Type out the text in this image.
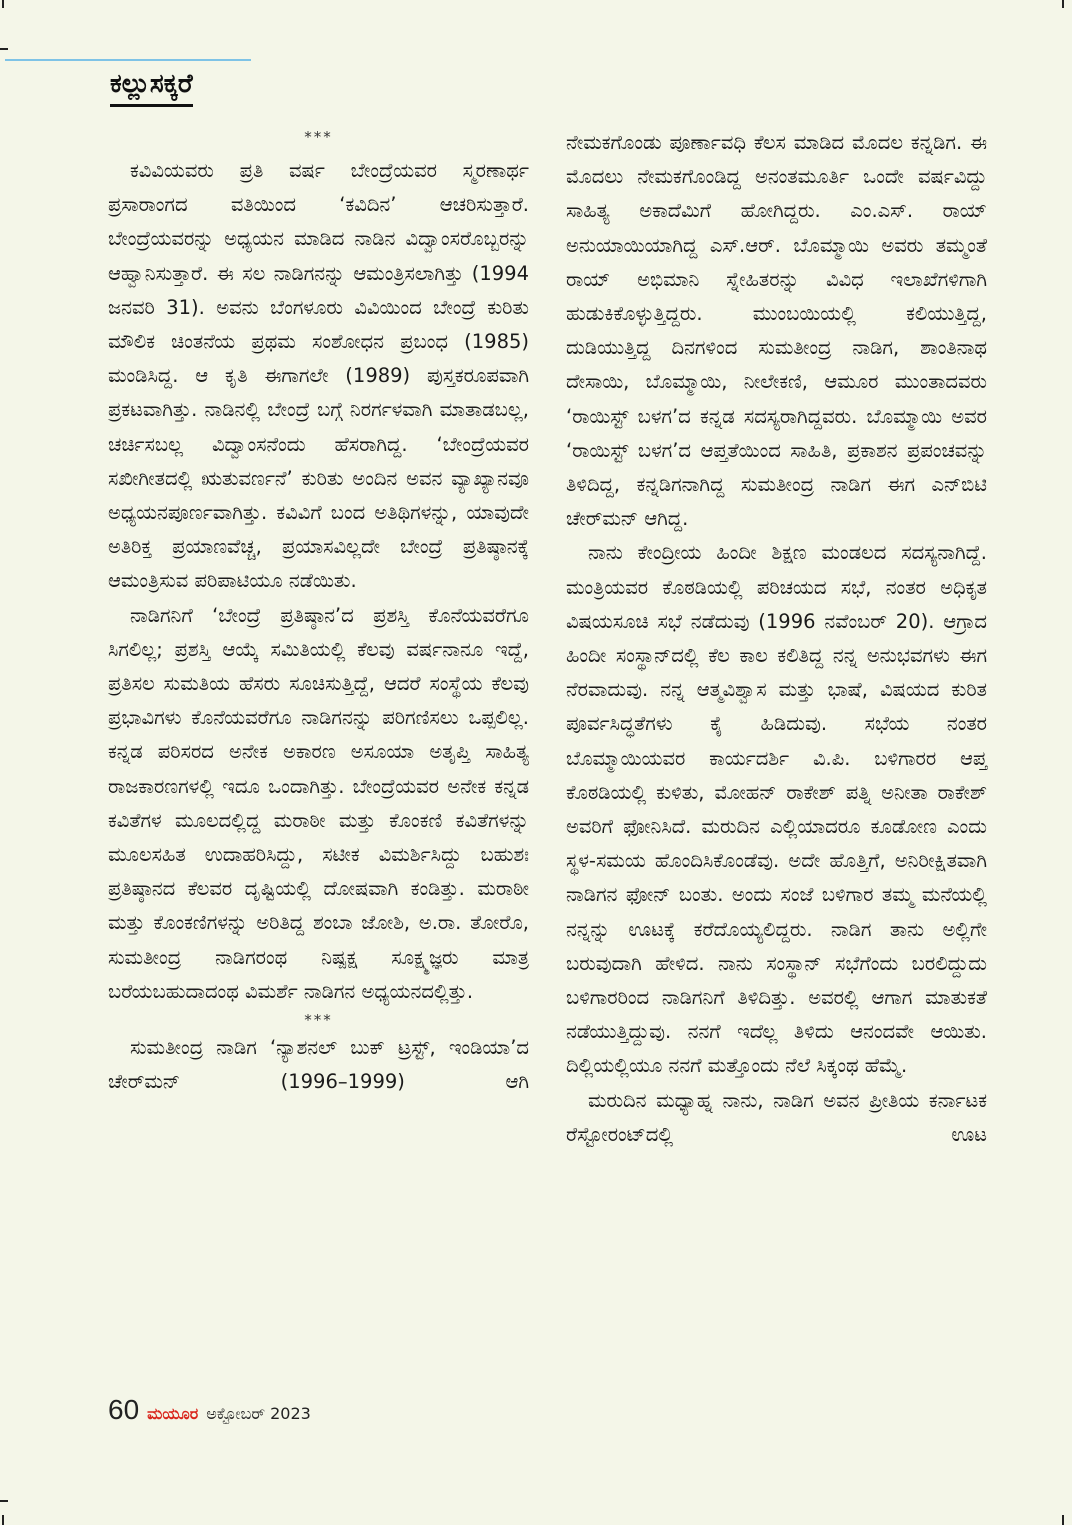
ಕಲ್ಲುಸಕ್ಕರೆ
***

ಕವಿವಿಯವರು ಪ್ರತಿ ವರ್ಷ ಬೇಂದ್ರೆಯವರ ಸ್ಮರಣಾರ್ಥ ಪ್ರಸಾರಾಂಗದ ವತಿಯಿಂದ ‘ಕವಿದಿನ’ ಆಚರಿಸುತ್ತಾರೆ. ಬೇಂದ್ರೆಯವರನ್ನು ಅಧ್ಯಯನ ಮಾಡಿದ ನಾಡಿನ ವಿದ್ವಾಂಸರೊಬ್ಬರನ್ನು ಆಹ್ವಾನಿಸುತ್ತಾರೆ. ಈ ಸಲ ನಾಡಿಗನನ್ನು ಆಮಂತ್ರಿಸಲಾಗಿತ್ತು (1994 ಜನವರಿ 31). ಅವನು ಬೆಂಗಳೂರು ವಿವಿಯಿಂದ ಬೇಂದ್ರೆ ಕುರಿತು ಮೌಲಿಕ ಚಿಂತನೆಯ ಪ್ರಥಮ ಸಂಶೋಧನ ಪ್ರಬಂಧ (1985) ಮಂಡಿಸಿದ್ದ. ಆ ಕೃತಿ ಈಗಾಗಲೇ (1989) ಪುಸ್ತಕರೂಪವಾಗಿ ಪ್ರಕಟವಾಗಿತ್ತು. ನಾಡಿನಲ್ಲಿ ಬೇಂದ್ರೆ ಬಗ್ಗೆ ನಿರರ್ಗಳವಾಗಿ ಮಾತಾಡಬಲ್ಲ, ಚರ್ಚಿಸಬಲ್ಲ ವಿದ್ವಾಂಸನೆಂದು ಹೆಸರಾಗಿದ್ದ. ‘ಬೇಂದ್ರೆಯವರ ಸಖೀಗೀತದಲ್ಲಿ ಋತುವರ್ಣನೆ’ ಕುರಿತು ಅಂದಿನ ಅವನ ವ್ಯಾಖ್ಯಾನವೂ ಅಧ್ಯಯನಪೂರ್ಣವಾಗಿತ್ತು. ಕವಿವಿಗೆ ಬಂದ ಅತಿಥಿಗಳನ್ನು, ಯಾವುದೇ ಅತಿರಿಕ್ತ ಪ್ರಯಾಣವೆಚ್ಚ, ಪ್ರಯಾಸವಿಲ್ಲದೇ ಬೇಂದ್ರೆ ಪ್ರತಿಷ್ಠಾನಕ್ಕೆ ಆಮಂತ್ರಿಸುವ ಪರಿಪಾಟಿಯೂ ನಡೆಯಿತು.

ನಾಡಿಗನಿಗೆ ‘ಬೇಂದ್ರೆ ಪ್ರತಿಷ್ಠಾನ’ದ ಪ್ರಶಸ್ತಿ ಕೊನೆಯವರೆಗೂ ಸಿಗಲಿಲ್ಲ; ಪ್ರಶಸ್ತಿ ಆಯ್ಕೆ ಸಮಿತಿಯಲ್ಲಿ ಕೆಲವು ವರ್ಷನಾನೂ ಇದ್ದೆ, ಪ್ರತಿಸಲ ಸುಮತಿಯ ಹೆಸರು ಸೂಚಿಸುತ್ತಿದ್ದೆ, ಆದರೆ ಸಂಸ್ಥೆಯ ಕೆಲವು ಪ್ರಭಾವಿಗಳು ಕೊನೆಯವರೆಗೂ ನಾಡಿಗನನ್ನು ಪರಿಗಣಿಸಲು ಒಪ್ಪಲಿಲ್ಲ. ಕನ್ನಡ ಪರಿಸರದ ಅನೇಕ ಅಕಾರಣ ಅಸೂಯಾ ಅತೃಪ್ತಿ ಸಾಹಿತ್ಯ ರಾಜಕಾರಣಗಳಲ್ಲಿ ಇದೂ ಒಂದಾಗಿತ್ತು. ಬೇಂದ್ರೆಯವರ ಅನೇಕ ಕನ್ನಡ ಕವಿತೆಗಳ ಮೂಲದಲ್ಲಿದ್ದ ಮರಾಠೀ ಮತ್ತು ಕೊಂಕಣಿ ಕವಿತೆಗಳನ್ನು ಮೂಲಸಹಿತ ಉದಾಹರಿಸಿದ್ದು, ಸಟೀಕ ವಿಮರ್ಶಿಸಿದ್ದು ಬಹುಶಃ ಪ್ರತಿಷ್ಠಾನದ ಕೆಲವರ ದೃಷ್ಟಿಯಲ್ಲಿ ದೋಷವಾಗಿ ಕಂಡಿತ್ತು. ಮರಾಠೀ ಮತ್ತು ಕೊಂಕಣಿಗಳನ್ನು ಅರಿತಿದ್ದ ಶಂಬಾ ಜೋಶಿ, ಅ.ರಾ. ತೋರೊ, ಸುಮತೀಂದ್ರ ನಾಡಿಗರಂಥ ನಿಷ್ಪಕ್ಷ ಸೂಕ್ಷ್ಮಜ್ಞರು ಮಾತ್ರ ಬರೆಯಬಹುದಾದಂಥ ವಿಮರ್ಶೆ ನಾಡಿಗನ ಅಧ್ಯಯನದಲ್ಲಿತ್ತು.

***

ಸುಮತೀಂದ್ರ ನಾಡಿಗ ‘ನ್ಯಾಶನಲ್ ಬುಕ್ ಟ್ರಸ್ಟ್, ಇಂಡಿಯಾ’ದ ಚೇರ್‌ಮನ್ (1996–1999) ಆಗಿ

ನೇಮಕಗೊಂಡು ಪೂರ್ಣಾವಧಿ ಕೆಲಸ ಮಾಡಿದ ಮೊದಲ ಕನ್ನಡಿಗ. ಈ ಮೊದಲು ನೇಮಕಗೊಂಡಿದ್ದ ಅನಂತಮೂರ್ತಿ ಒಂದೇ ವರ್ಷವಿದ್ದು ಸಾಹಿತ್ಯ ಅಕಾದೆಮಿಗೆ ಹೋಗಿದ್ದರು. ಎಂ.ಎಸ್. ರಾಯ್ ಅನುಯಾಯಿಯಾಗಿದ್ದ ಎಸ್.ಆರ್. ಬೊಮ್ಮಾಯಿ ಅವರು ತಮ್ಮಂತೆ ರಾಯ್ ಅಭಿಮಾನಿ ಸ್ನೇಹಿತರನ್ನು ವಿವಿಧ ಇಲಾಖೆಗಳಿಗಾಗಿ ಹುಡುಕಿಕೊಳ್ಳುತ್ತಿದ್ದರು. ಮುಂಬಯಿಯಲ್ಲಿ ಕಲಿಯುತ್ತಿದ್ದ, ದುಡಿಯುತ್ತಿದ್ದ ದಿನಗಳಿಂದ ಸುಮತೀಂದ್ರ ನಾಡಿಗ, ಶಾಂತಿನಾಥ ದೇಸಾಯಿ, ಬೊಮ್ಮಾಯಿ, ನೀಲೇಕಣಿ, ಆಮೂರ ಮುಂತಾದವರು ‘ರಾಯಿಸ್ಟ್ ಬಳಗ’ದ ಕನ್ನಡ ಸದಸ್ಯರಾಗಿದ್ದವರು. ಬೊಮ್ಮಾಯಿ ಅವರ ‘ರಾಯಿಸ್ಟ್ ಬಳಗ’ದ ಆಪ್ತತೆಯಿಂದ ಸಾಹಿತಿ, ಪ್ರಕಾಶನ ಪ್ರಪಂಚವನ್ನು ತಿಳಿದಿದ್ದ, ಕನ್ನಡಿಗನಾಗಿದ್ದ ಸುಮತೀಂದ್ರ ನಾಡಿಗ ಈಗ ಎನ್‌ಬಿಟಿ ಚೇರ್‌ಮನ್ ಆಗಿದ್ದ.

ನಾನು ಕೇಂದ್ರೀಯ ಹಿಂದೀ ಶಿಕ್ಷಣ ಮಂಡಲದ ಸದಸ್ಯನಾಗಿದ್ದೆ. ಮಂತ್ರಿಯವರ ಕೊಠಡಿಯಲ್ಲಿ ಪರಿಚಯದ ಸಭೆ, ನಂತರ ಅಧಿಕೃತ ವಿಷಯಸೂಚಿ ಸಭೆ ನಡೆದುವು (1996 ನವೆಂಬರ್ 20). ಆಗ್ರಾದ ಹಿಂದೀ ಸಂಸ್ಥಾನ್‌ದಲ್ಲಿ ಕೆಲ ಕಾಲ ಕಲಿತಿದ್ದ ನನ್ನ ಅನುಭವಗಳು ಈಗ ನೆರವಾದುವು. ನನ್ನ ಆತ್ಮವಿಶ್ವಾಸ ಮತ್ತು ಭಾಷೆ, ವಿಷಯದ ಕುರಿತ ಪೂರ್ವಸಿದ್ಧತೆಗಳು ಕೈ ಹಿಡಿದುವು. ಸಭೆಯ ನಂತರ ಬೊಮ್ಮಾಯಿಯವರ ಕಾರ್ಯದರ್ಶಿ ವಿ.ಪಿ. ಬಳಿಗಾರರ ಆಪ್ತ ಕೊಠಡಿಯಲ್ಲಿ ಕುಳಿತು, ಮೋಹನ್ ರಾಕೇಶ್ ಪತ್ನಿ ಅನೀತಾ ರಾಕೇಶ್ ಅವರಿಗೆ ಫೋನಿಸಿದೆ. ಮರುದಿನ ಎಲ್ಲಿಯಾದರೂ ಕೂಡೋಣ ಎಂದು ಸ್ಥಳ-ಸಮಯ ಹೊಂದಿಸಿಕೊಂಡೆವು. ಅದೇ ಹೊತ್ತಿಗೆ, ಅನಿರೀಕ್ಷಿತವಾಗಿ ನಾಡಿಗನ ಫೋನ್ ಬಂತು. ಅಂದು ಸಂಜೆ ಬಳಿಗಾರ ತಮ್ಮ ಮನೆಯಲ್ಲಿ ನನ್ನನ್ನು ಊಟಕ್ಕೆ ಕರೆದೊಯ್ಯಲಿದ್ದರು. ನಾಡಿಗ ತಾನು ಅಲ್ಲಿಗೇ ಬರುವುದಾಗಿ ಹೇಳಿದ. ನಾನು ಸಂಸ್ಥಾನ್ ಸಭೆಗೆಂದು ಬರಲಿದ್ದುದು ಬಳಿಗಾರರಿಂದ ನಾಡಿಗನಿಗೆ ತಿಳಿದಿತ್ತು. ಅವರಲ್ಲಿ ಆಗಾಗ ಮಾತುಕತೆ ನಡೆಯುತ್ತಿದ್ದುವು. ನನಗೆ ಇದೆಲ್ಲ ತಿಳಿದು ಆನಂದವೇ ಆಯಿತು. ದಿಲ್ಲಿಯಲ್ಲಿಯೂ ನನಗೆ ಮತ್ತೊಂದು ನೆಲೆ ಸಿಕ್ಕಂಥ ಹೆಮ್ಮೆ.

ಮರುದಿನ ಮಧ್ಯಾಹ್ನ ನಾನು, ನಾಡಿಗ ಅವನ ಪ್ರೀತಿಯ ಕರ್ನಾಟಕ ರೆಸ್ಟೋರಂಟ್‌ದಲ್ಲಿ ಊಟ

60 ಮಯೂರ ಅಕ್ಟೋಬರ್ 2023
